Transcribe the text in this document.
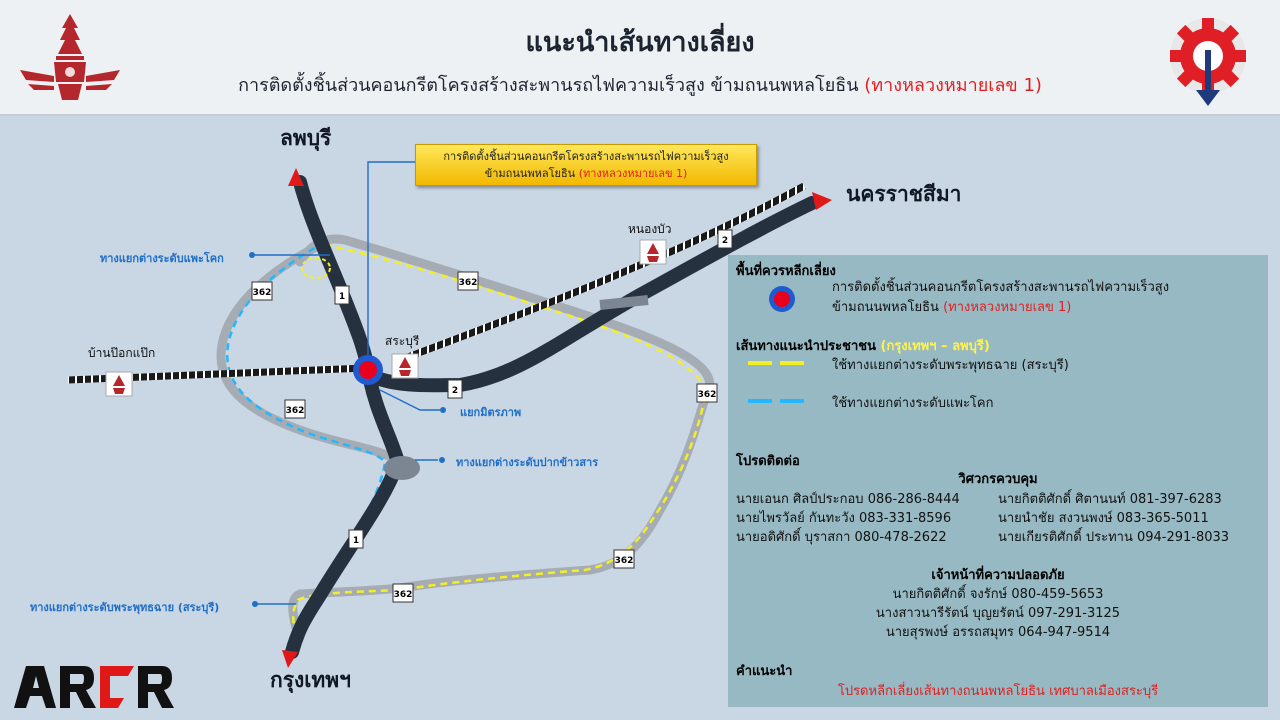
แนะนำเส้นทางเลี่ยง
การติดตั้งชิ้นส่วนคอนกรีตโครงสร้างสะพานรถไฟความเร็วสูง ข้ามถนนพหลโยธิน (ทางหลวงหมายเลข 1)
1
1
2
2
362
362
362
362
362
362
ลพบุรี
นครราชสีมา
กรุงเทพฯ
หนองบัว
สระบุรี
บ้านป๊อกแป๊ก
ทางแยกต่างระดับแพะโคก
แยกมิตรภาพ
ทางแยกต่างระดับปากข้าวสาร
ทางแยกต่างระดับพระพุทธฉาย (สระบุรี)
การติดตั้งชิ้นส่วนคอนกรีตโครงสร้างสะพานรถไฟความเร็วสูง
ข้ามถนนพหลโยธิน (ทางหลวงหมายเลข 1)
พื้นที่ควรหลีกเลี่ยง
การติดตั้งชิ้นส่วนคอนกรีตโครงสร้างสะพานรถไฟความเร็วสูง
ข้ามถนนพหลโยธิน (ทางหลวงหมายเลข 1)
เส้นทางแนะนำประชาชน (กรุงเทพฯ – ลพบุรี)
ใช้ทางแยกต่างระดับพระพุทธฉาย (สระบุรี)
ใช้ทางแยกต่างระดับแพะโคก
โปรดติดต่อ
วิศวกรควบคุม
นายเอนก ศิลป์ประกอบ 086-286-8444	นายกิตติศักดิ์ ศิตานนท์ 081-397-6283
นายไพรวัลย์ กันทะวัง 083-331-8596	นายนำชัย สงวนพงษ์ 083-365-5011
นายอดิศักดิ์ บุราสกา 080-478-2622	นายเกียรติศักดิ์ ประทาน 094-291-8033
เจ้าหน้าที่ความปลอดภัย
นายกิตติศักดิ์ จงรักษ์ 080-459-5653
นางสาวนารีรัตน์ บุญยรัตน์ 097-291-3125
นายสุรพงษ์ อรรถสมุทร 064-947-9514
คำแนะนำ
โปรดหลีกเลี่ยงเส้นทางถนนพหลโยธิน เทศบาลเมืองสระบุรี
